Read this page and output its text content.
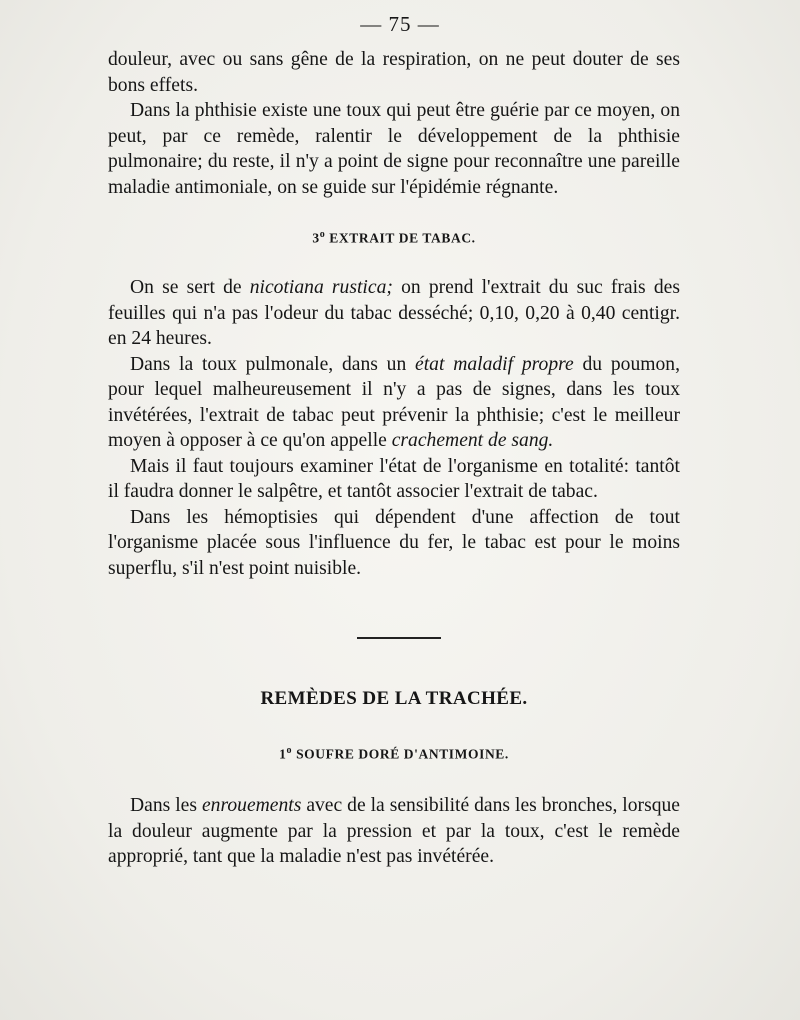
— 75 —

douleur, avec ou sans gêne de la respiration, on ne peut douter de ses bons effets.

Dans la phthisie existe une toux qui peut être guérie par ce moyen, on peut, par ce remède, ralentir le développement de la phthisie pulmonaire; du reste, il n'y a point de signe pour reconnaître une pareille maladie antimoniale, on se guide sur l'épidémie régnante.

3$^o$ EXTRAIT DE TABAC.

On se sert de nicotiana rustica; on prend l'extrait du suc frais des feuilles qui n'a pas l'odeur du tabac desséché; 0,10, 0,20 à 0,40 centigr. en 24 heures.

Dans la toux pulmonale, dans un état maladif propre du poumon, pour lequel malheureusement il n'y a pas de signes, dans les toux invétérées, l'extrait de tabac peut prévenir la phthisie; c'est le meilleur moyen à opposer à ce qu'on appelle crachement de sang.

Mais il faut toujours examiner l'état de l'organisme en totalité: tantôt il faudra donner le salpêtre, et tantôt associer l'extrait de tabac.

Dans les hémoptisies qui dépendent d'une affection de tout l'organisme placée sous l'influence du fer, le tabac est pour le moins superflu, s'il n'est point nuisible.

REMÈDES DE LA TRACHÉE.
1$^o$ SOUFRE DORÉ D'ANTIMOINE.

Dans les enrouements avec de la sensibilité dans les bronches, lorsque la douleur augmente par la pression et par la toux, c'est le remède approprié, tant que la maladie n'est pas invétérée.
